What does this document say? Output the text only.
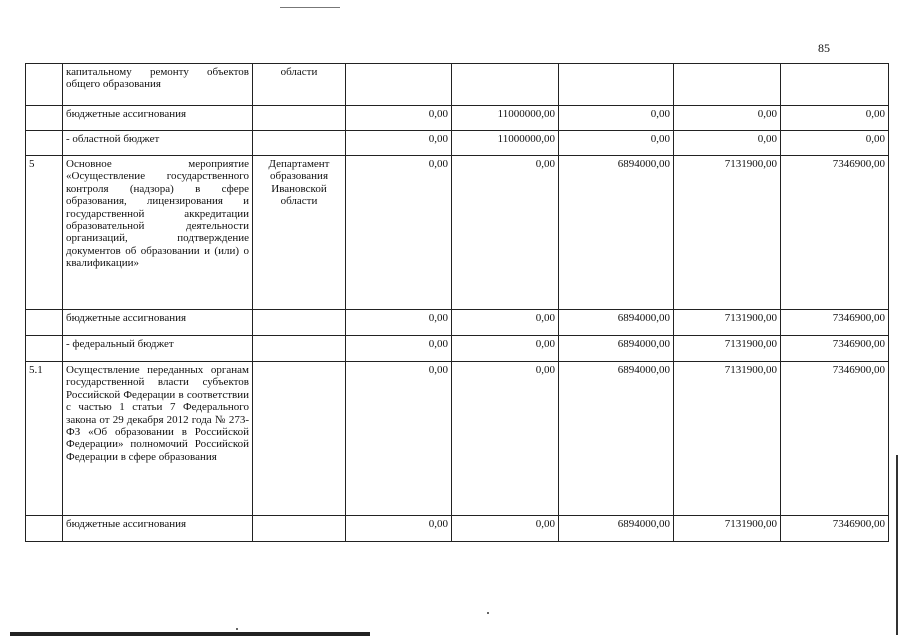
85

	капитальному ремонту объектов общего образования	области					
	бюджетные ассигнования		0,00	11000000,00	0,00	0,00	0,00
	- областной бюджет		0,00	11000000,00	0,00	0,00	0,00
5	Основное мероприятие «Осуществление государственного контроля (надзора) в сфере образования, лицензирования и государственной аккредитации образовательной деятельности организаций, подтверждение документов об образовании и (или) о квалификации»	Департамент образования Ивановской области	0,00	0,00	6894000,00	7131900,00	7346900,00
	бюджетные ассигнования		0,00	0,00	6894000,00	7131900,00	7346900,00
	- федеральный бюджет		0,00	0,00	6894000,00	7131900,00	7346900,00
5.1	Осуществление переданных органам государственной власти субъектов Российской Федерации в соответствии с частью 1 статьи 7 Федерального закона от 29 декабря 2012 года № 273-ФЗ «Об образовании в Российской Федерации» полномочий Российской Федерации в сфере образования		0,00	0,00	6894000,00	7131900,00	7346900,00
	бюджетные ассигнования		0,00	0,00	6894000,00	7131900,00	7346900,00
